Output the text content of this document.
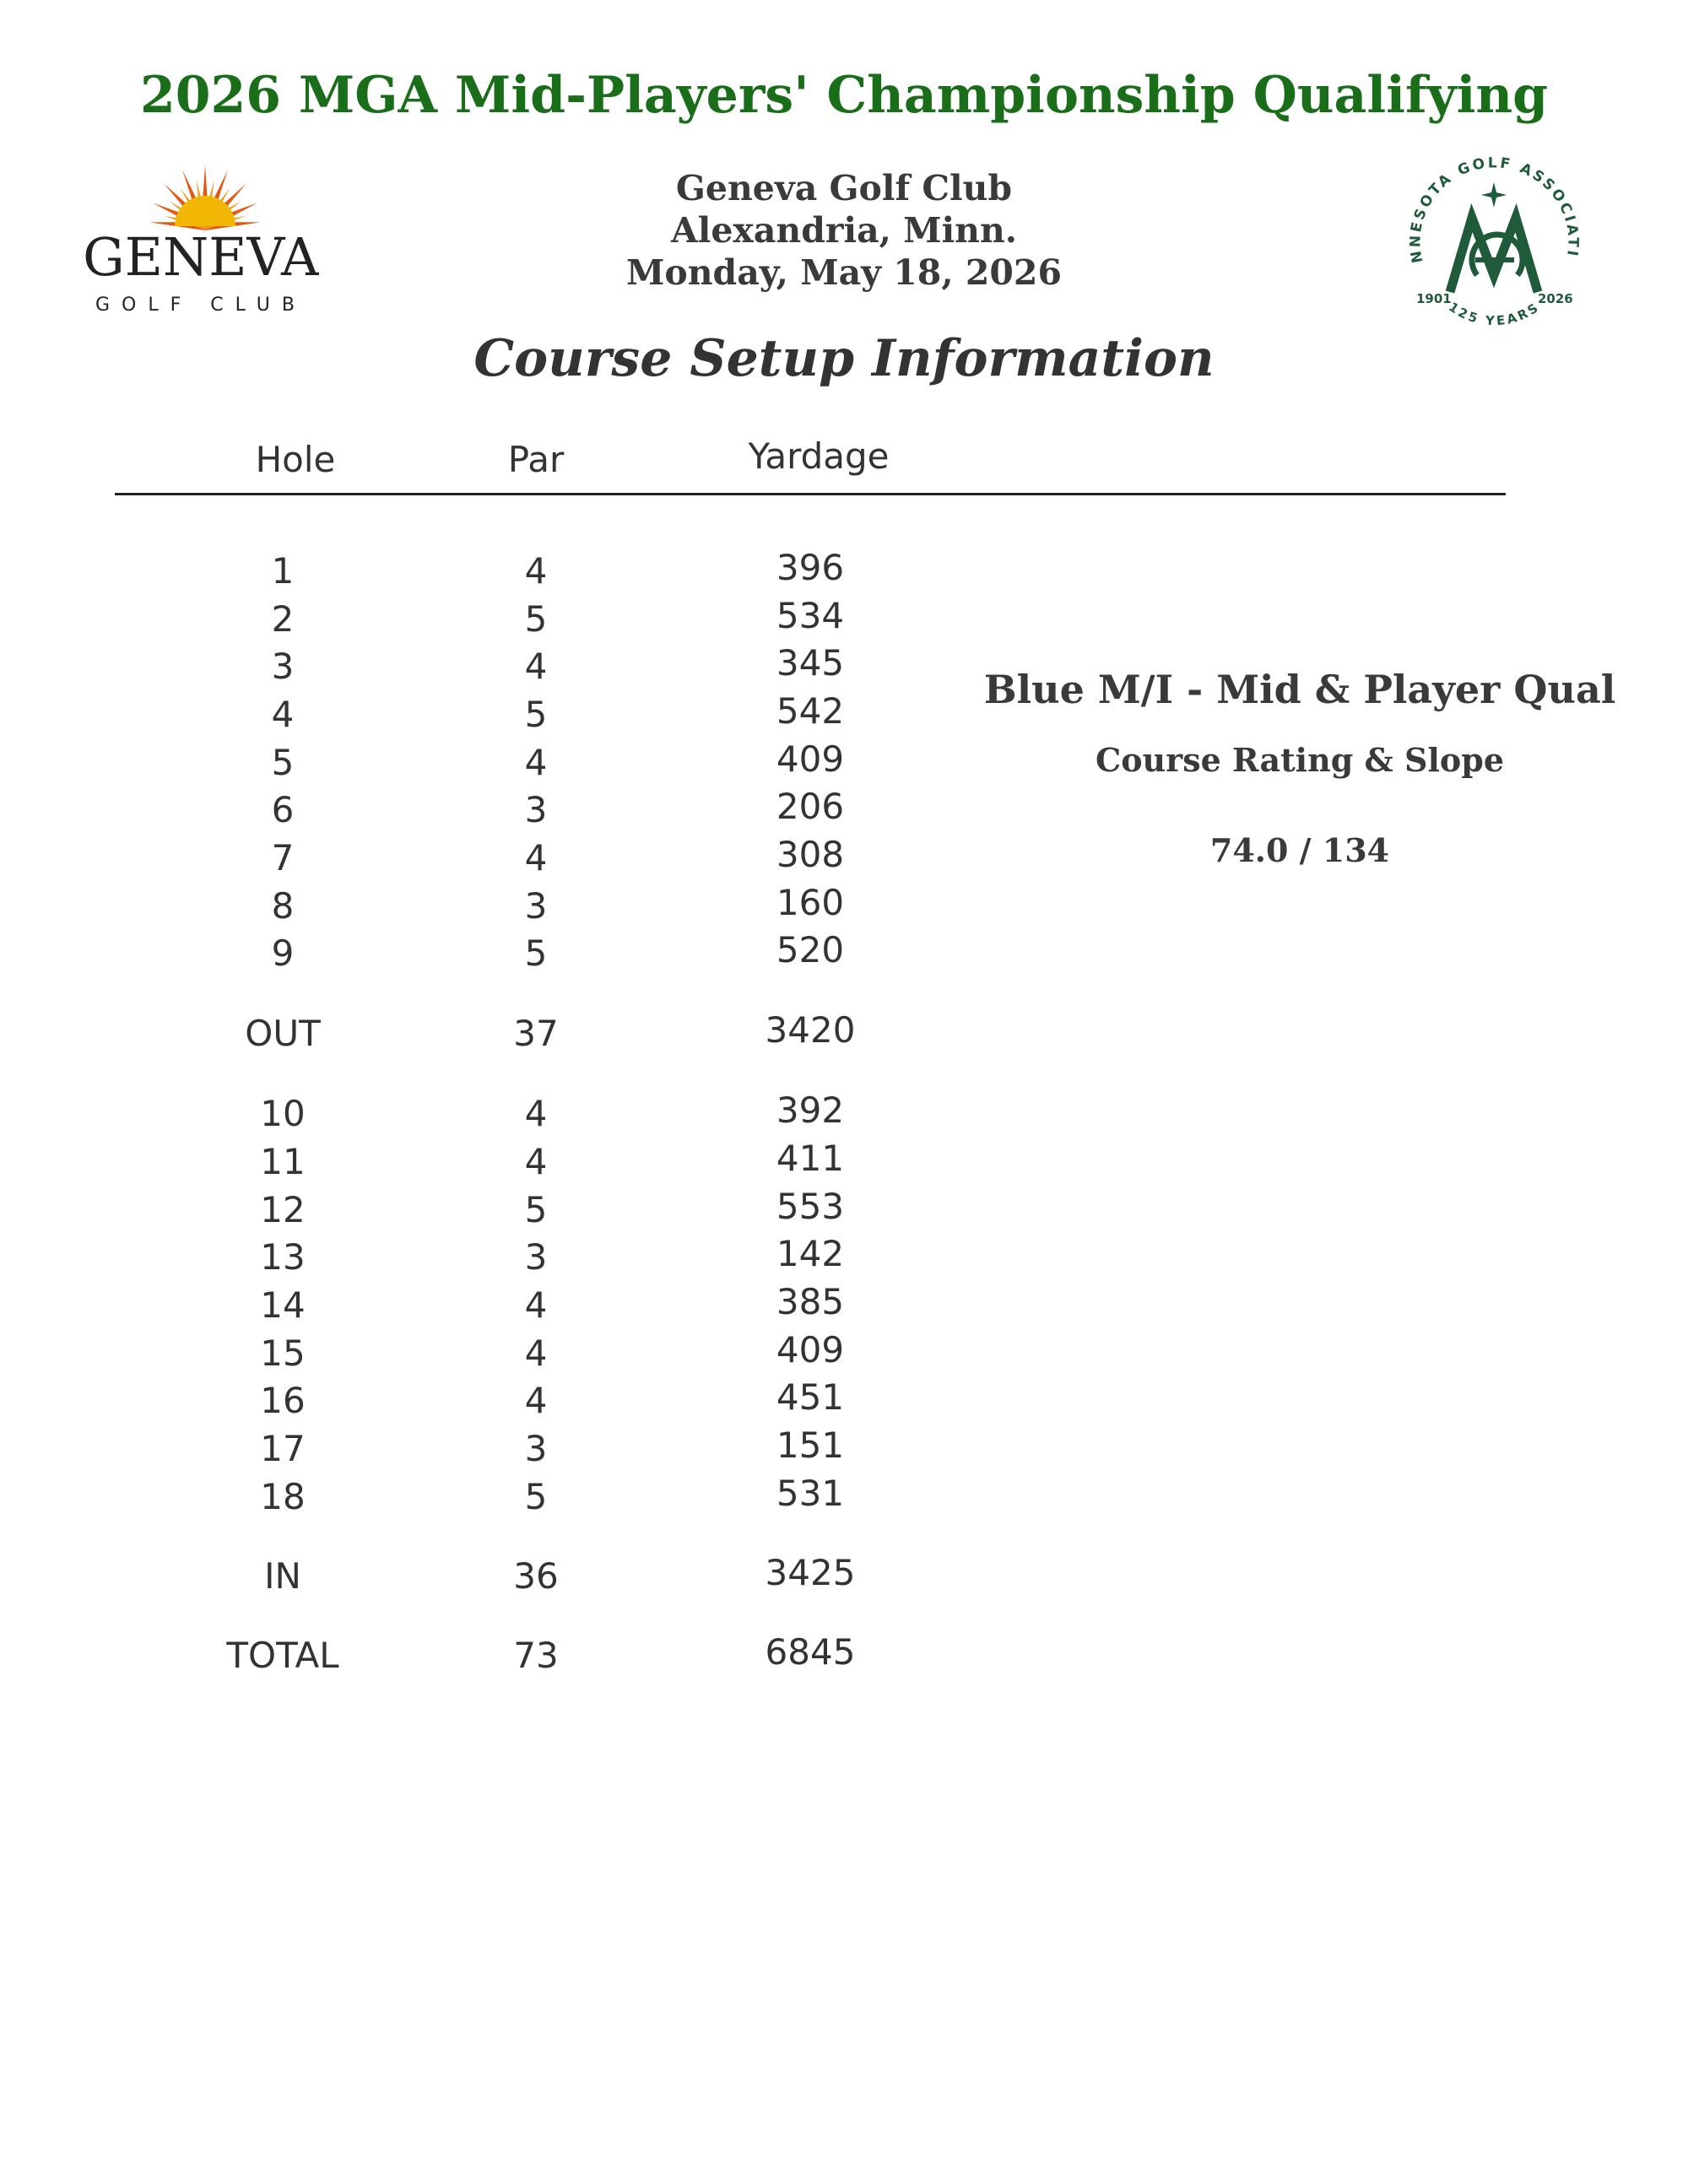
2026 MGA Mid-Players' Championship Qualifying
GENEVA
GOLF CLUB
Geneva Golf Club
Alexandria, Minn.
Monday, May 18, 2026	NNESOTA GOLF ASSOCIATI
125 YEARS
1901	2026
Course Setup Information
Hole	Par	Yardage
1	4	396
2	5	534
3	4	345
4	5	542
5	4	409
6	3	206
7	4	308
8	3	160
9	5	520
OUT	37	3420
10	4	392
11	4	411
12	5	553
13	3	142
14	4	385
15	4	409
16	4	451
17	3	151
18	5	531
IN	36	3425
TOTAL	73	6845
Blue M/I - Mid & Player Qual
Course Rating & Slope
74.0 / 134
